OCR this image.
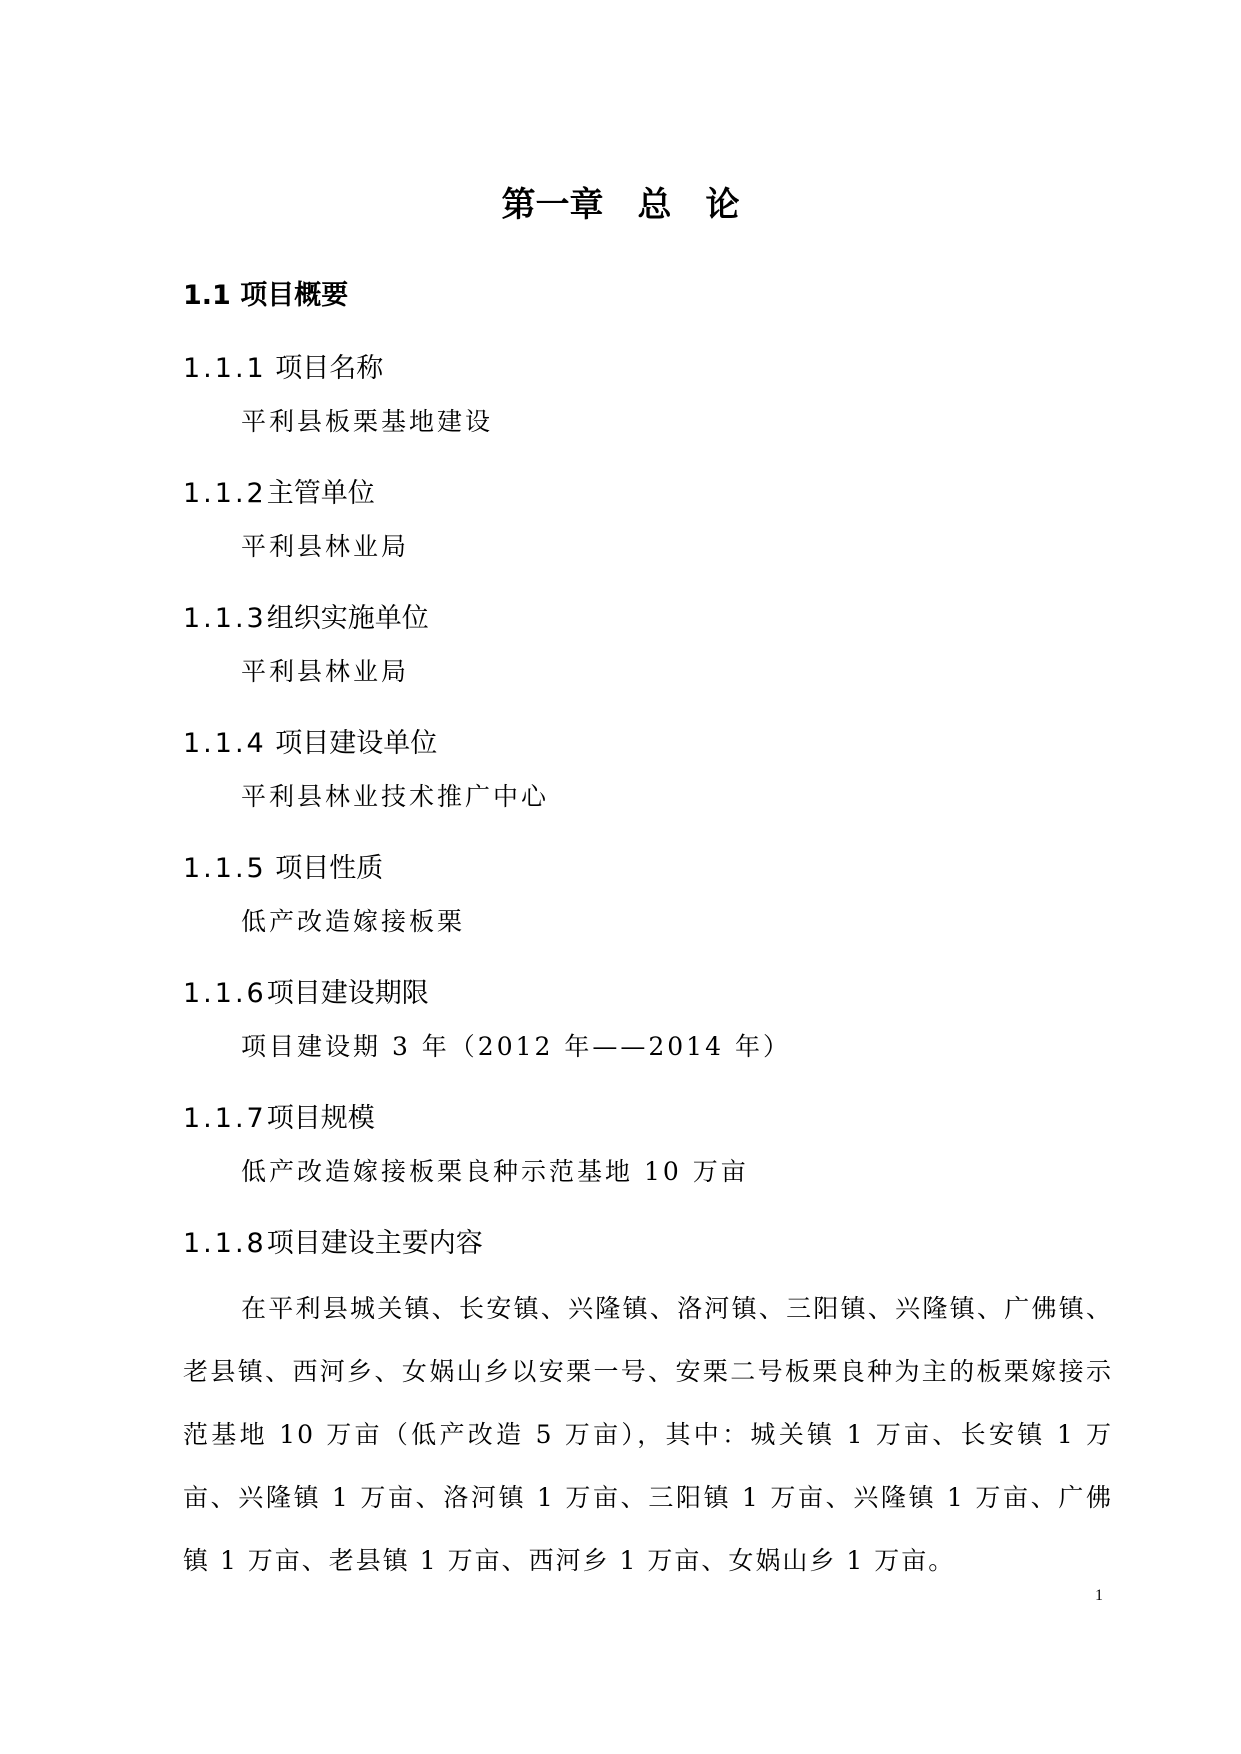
第一章　总　论
1.1 项目概要
1.1.1 项目名称
平利县板栗基地建设
1.1.2主管单位
平利县林业局
1.1.3组织实施单位
平利县林业局
1.1.4 项目建设单位
平利县林业技术推广中心
1.1.5 项目性质
低产改造嫁接板栗
1.1.6项目建设期限
项目建设期 3 年（2012 年——2014 年）
1.1.7项目规模
低产改造嫁接板栗良种示范基地 10 万亩
1.1.8项目建设主要内容
在平利县城关镇、长安镇、兴隆镇、洛河镇、三阳镇、兴隆镇、广佛镇、老县镇、西河乡、女娲山乡以安栗一号、安栗二号板栗良种为主的板栗嫁接示范基地 10 万亩（低产改造 5 万亩），其中：城关镇 1 万亩、长安镇 1 万亩、兴隆镇 1 万亩、洛河镇 1 万亩、三阳镇 1 万亩、兴隆镇 1 万亩、广佛镇 1 万亩、老县镇 1 万亩、西河乡 1 万亩、女娲山乡 1 万亩。
1
